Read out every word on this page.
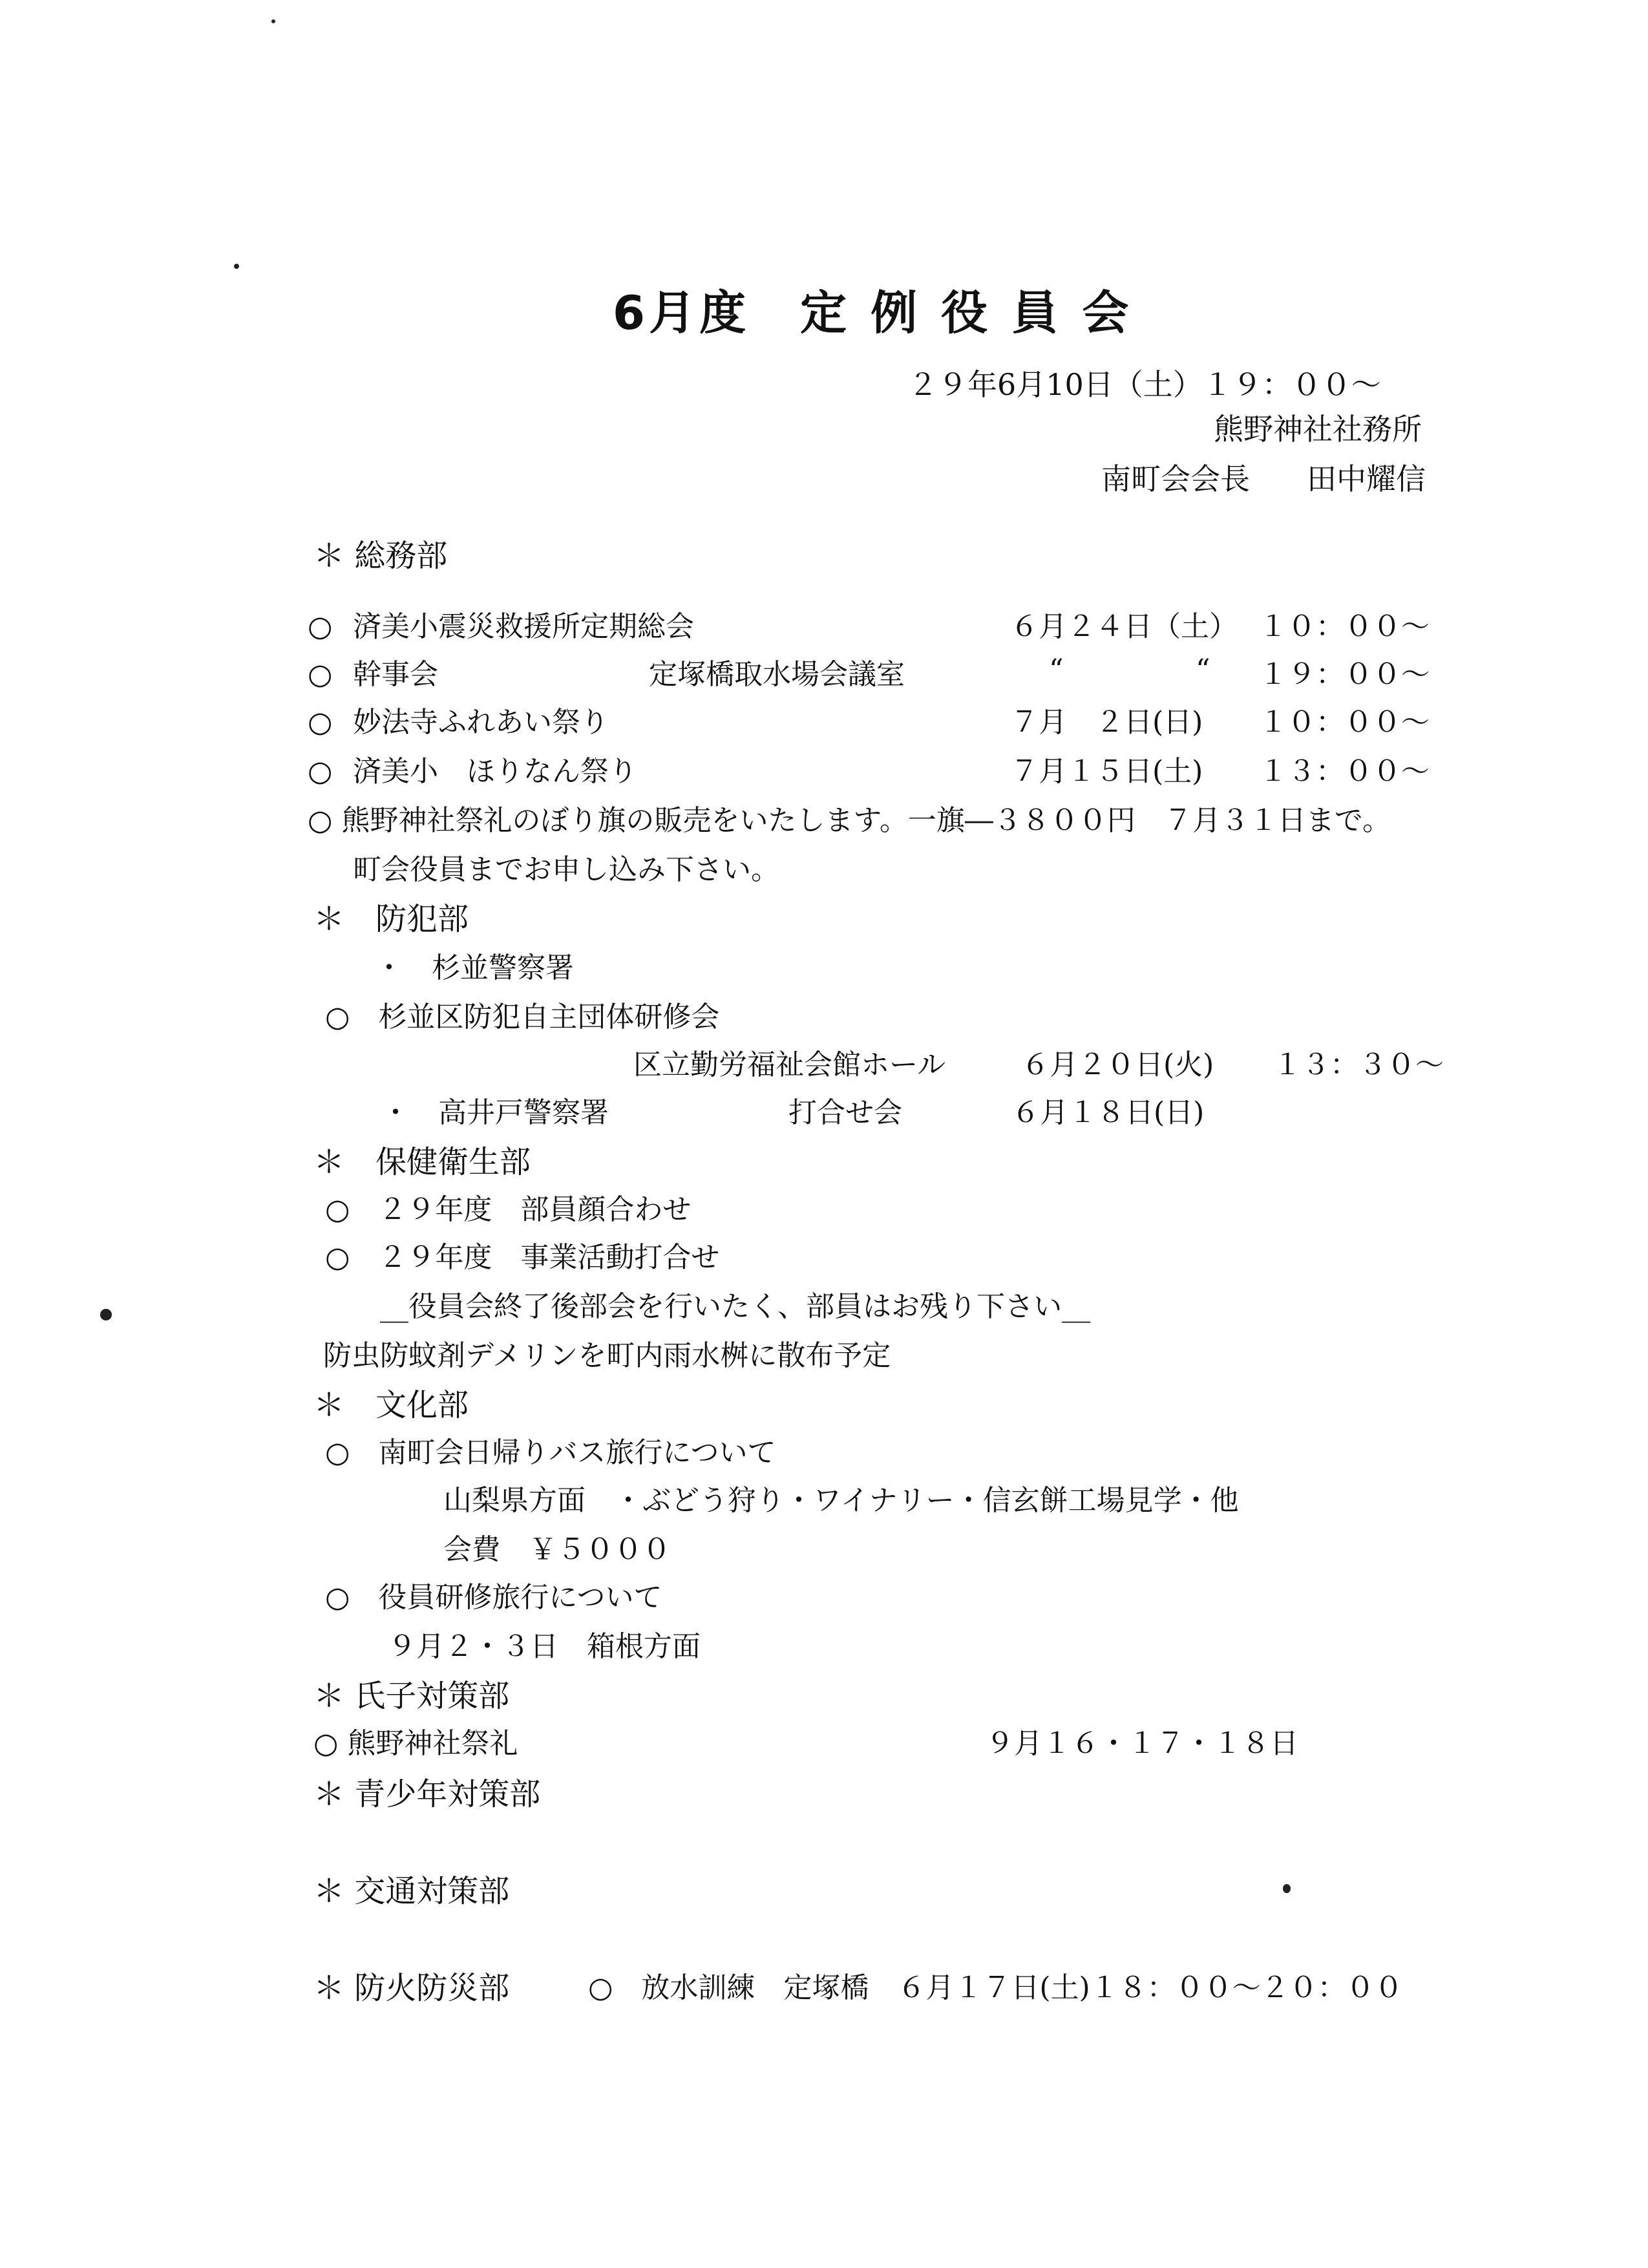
6月度　定 例 役 員 会
２９年6月10日（土）１９：００～
熊野神社社務所
南町会会長 田中耀信
＊ 総務部
○ 済美小震災救援所定期総会	６月２４日（土） １０：００～
○ 幹事会	定塚橋取水場会議室	“	“ １９：００～
○ 妙法寺ふれあい祭り	７月　２日(日) １０：００～
○ 済美小　ほりなん祭り	７月１５日(土) １３：００～
○ 熊野神社祭礼のぼり旗の販売をいたします。一旗―３８００円　７月３１日まで。
町会役員までお申し込み下さい。
＊　防犯部
・　杉並警察署
○　杉並区防犯自主団体研修会
区立勤労福祉会館ホール	６月２０日(火) １３：３０～
・　高井戸警察署	打合せ会	６月１８日(日)
＊　保健衛生部
○　２９年度　部員顔合わせ
○　２９年度　事業活動打合せ
__役員会終了後部会を行いたく、部員はお残り下さい__
防虫防蚊剤デメリンを町内雨水桝に散布予定
＊　文化部
○　南町会日帰りバス旅行について
山梨県方面　・ぶどう狩り・ワイナリー・信玄餅工場見学・他
会費　￥５０００
○　役員研修旅行について
９月２・３日　箱根方面
＊ 氏子対策部
○ 熊野神社祭礼	９月１６・１７・１８日
＊ 青少年対策部
＊ 交通対策部
＊ 防火防災部	○　放水訓練　定塚橋　６月１７日(土)１８：００～２０：００
